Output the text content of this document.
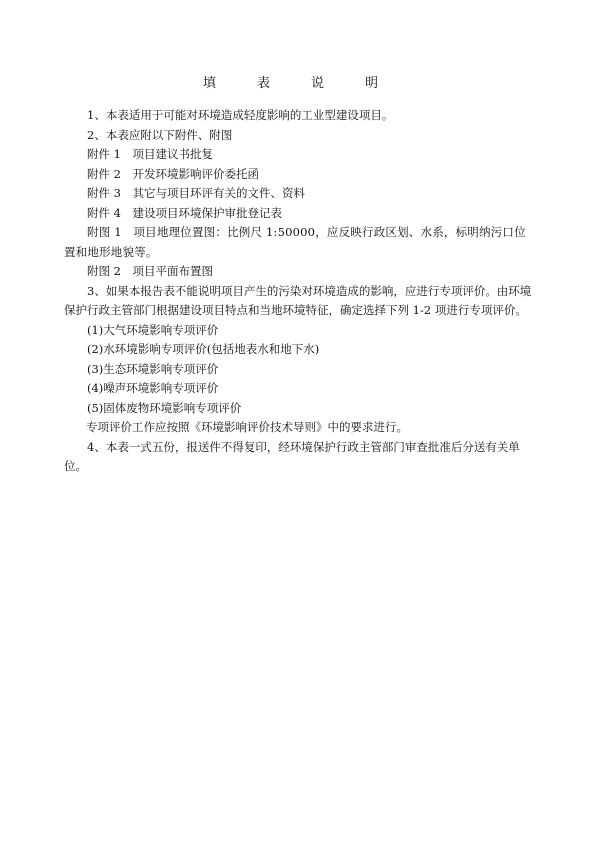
填　表　说　明

1、本表适用于可能对环境造成轻度影响的工业型建设项目。

2、本表应附以下附件、附图

附件 1　项目建议书批复

附件 2　开发环境影响评价委托函

附件 3　其它与项目环评有关的文件、资料

附件 4　建设项目环境保护审批登记表

附图 1　项目地理位置图：比例尺 1:50000，应反映行政区划、水系，标明纳污口位置和地形地貌等。

附图 2　项目平面布置图

3、如果本报告表不能说明项目产生的污染对环境造成的影响，应进行专项评价。由环境保护行政主管部门根据建设项目特点和当地环境特征，确定选择下列 1-2 项进行专项评价。

(1)大气环境影响专项评价

(2)水环境影响专项评价(包括地表水和地下水)

(3)生态环境影响专项评价

(4)噪声环境影响专项评价

(5)固体废物环境影响专项评价

专项评价工作应按照《环境影响评价技术导则》中的要求进行。

4、本表一式五份，报送件不得复印，经环境保护行政主管部门审查批准后分送有关单位。
